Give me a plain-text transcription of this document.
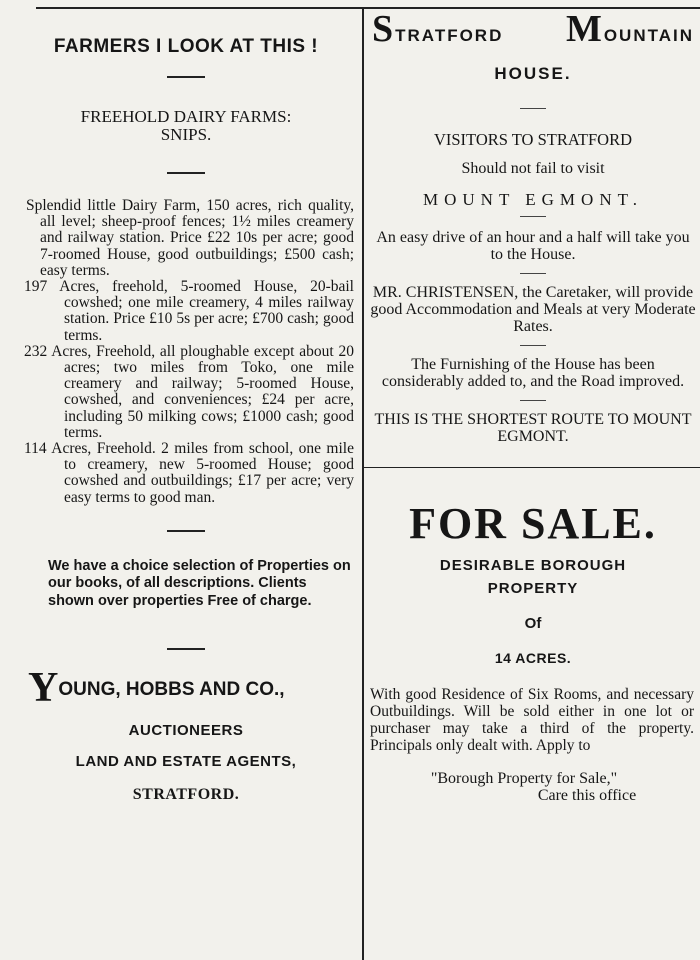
FARMERS I LOOK AT THIS !
FREEHOLD DAIRY FARMS:
SNIPS.

Splendid little Dairy Farm, 150 acres, rich quality, all level; sheep-proof fences; 1½ miles creamery and railway station. Price £22 10s per acre; good 7-roomed House, good outbuildings; £500 cash; easy terms.

197 Acres, freehold, 5-roomed House, 20-bail cowshed; one mile creamery, 4 miles railway station. Price £10 5s per acre; £700 cash; good terms.

232 Acres, Freehold, all ploughable except about 20 acres; two miles from Toko, one mile creamery and railway; 5-roomed House, cowshed, and conveniences; £24 per acre, including 50 milking cows; £1000 cash; good terms.

114 Acres, Freehold. 2 miles from school, one mile to creamery, new 5-roomed House; good cowshed and outbuildings; £17 per acre; very easy terms to good man.

We have a choice selection of Properties on our books, of all descriptions. Clients shown over properties Free of charge.
YOUNG, HOBBS AND CO.,
AUCTIONEERS
LAND AND ESTATE AGENTS,
STRATFORD.
STRATFORD MOUNTAIN
HOUSE.
VISITORS TO STRATFORD
Should not fail to visit
MOUNT EGMONT.
An easy drive of an hour and a half will take you to the House.
MR. CHRISTENSEN, the Caretaker, will provide good Accommodation and Meals at very Moderate Rates.
The Furnishing of the House has been considerably added to, and the Road improved.
THIS IS THE SHORTEST ROUTE TO MOUNT EGMONT.
FOR SALE.
DESIRABLE BOROUGH
PROPERTY
Of
14 ACRES.
With good Residence of Six Rooms, and necessary Outbuildings. Will be sold either in one lot or purchaser may take a third of the property. Principals only dealt with. Apply to
"Borough Property for Sale,"
Care this office
